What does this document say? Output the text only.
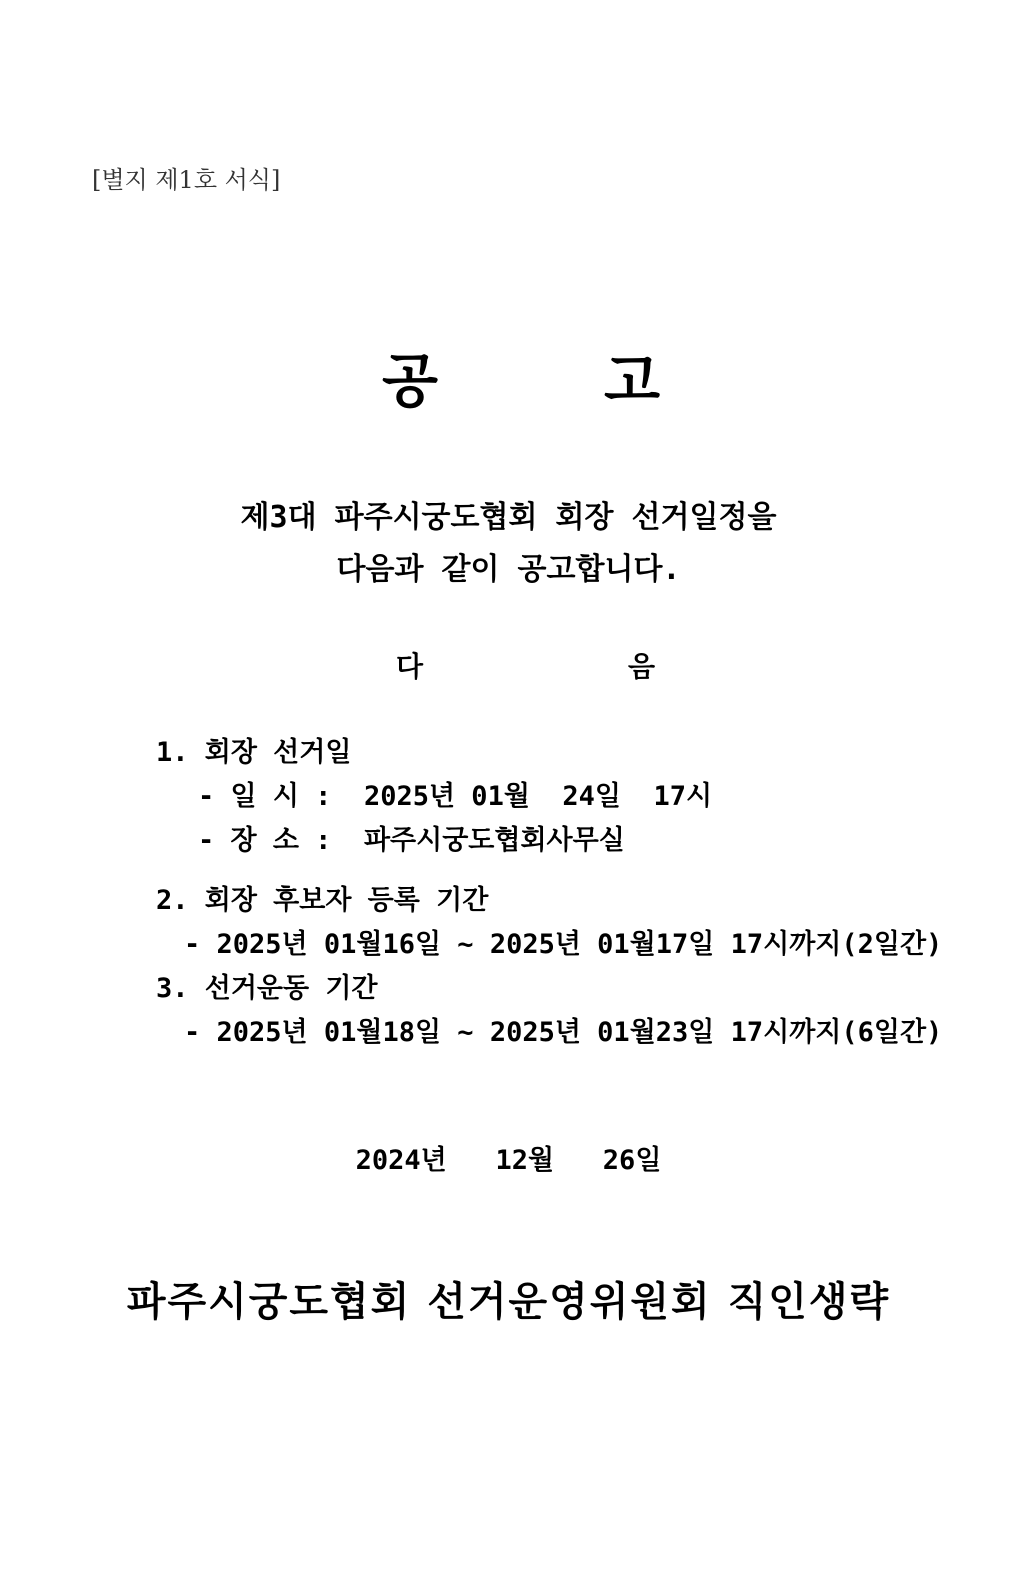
[별지 제1호 서식]
공	고
제3대 파주시궁도협회 회장 선거일정을
다음과 같이 공고합니다.
다	음
1. 회장 선거일
- 일 시 :  2025년 01월  24일  17시
- 장 소 :  파주시궁도협회사무실
2. 회장 후보자 등록 기간
- 2025년 01월16일 ~ 2025년 01월17일 17시까지(2일간)
3. 선거운동 기간
- 2025년 01월18일 ~ 2025년 01월23일 17시까지(6일간)
2024년   12월   26일
파주시궁도협회 선거운영위원회 직인생략
